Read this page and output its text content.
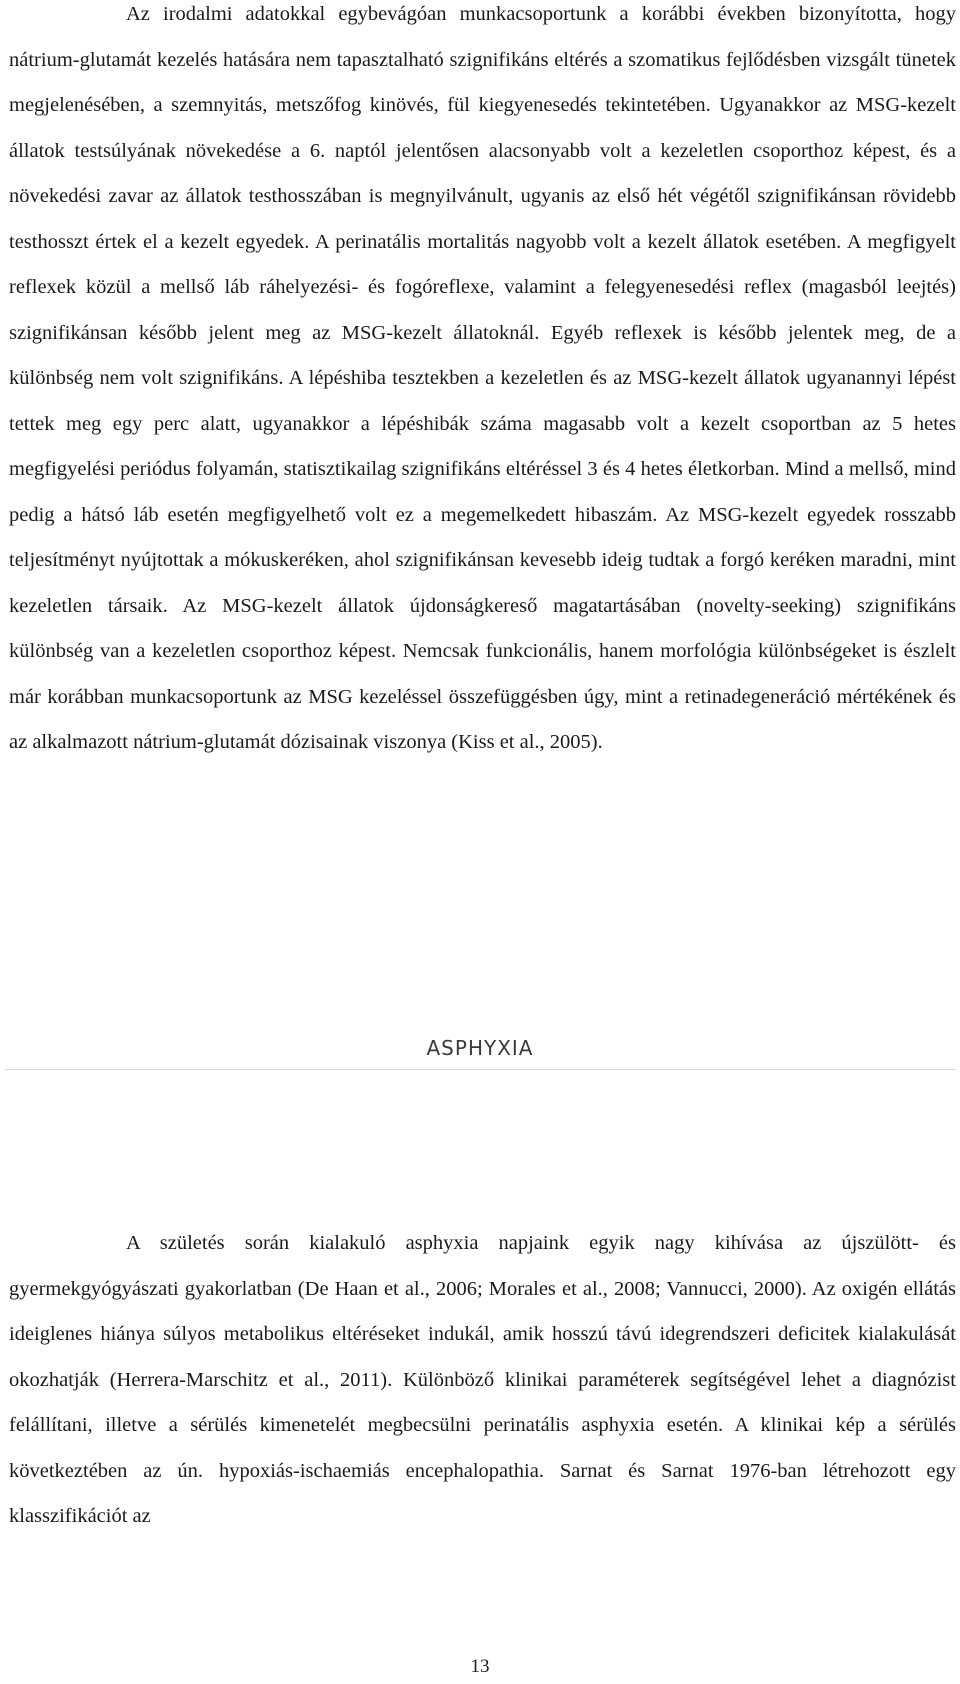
Az irodalmi adatokkal egybevágóan munkacsoportunk a korábbi években bizonyította, hogy nátrium-glutamát kezelés hatására nem tapasztalható szignifikáns eltérés a szomatikus fejlődésben vizsgált tünetek megjelenésében, a szemnyitás, metszőfog kinövés, fül kiegyenesedés tekintetében. Ugyanakkor az MSG-kezelt állatok testsúlyának növekedése a 6. naptól jelentősen alacsonyabb volt a kezeletlen csoporthoz képest, és a növekedési zavar az állatok testhosszában is megnyilvánult, ugyanis az első hét végétől szignifikánsan rövidebb testhosszt értek el a kezelt egyedek. A perinatális mortalitás nagyobb volt a kezelt állatok esetében. A megfigyelt reflexek közül a mellső láb ráhelyezési- és fogóreflexe, valamint a felegyenesedési reflex (magasból leejtés) szignifikánsan később jelent meg az MSG-kezelt állatoknál. Egyéb reflexek is később jelentek meg, de a különbség nem volt szignifikáns. A lépéshiba tesztekben a kezeletlen és az MSG-kezelt állatok ugyanannyi lépést tettek meg egy perc alatt, ugyanakkor a lépéshibák száma magasabb volt a kezelt csoportban az 5 hetes megfigyelési periódus folyamán, statisztikailag szignifikáns eltéréssel 3 és 4 hetes életkorban. Mind a mellső, mind pedig a hátsó láb esetén megfigyelhető volt ez a megemelkedett hibaszám. Az MSG-kezelt egyedek rosszabb teljesítményt nyújtottak a mókuskeréken, ahol szignifikánsan kevesebb ideig tudtak a forgó keréken maradni, mint kezeletlen társaik. Az MSG-kezelt állatok újdonságkereső magatartásában (novelty-seeking) szignifikáns különbség van a kezeletlen csoporthoz képest. Nemcsak funkcionális, hanem morfológia különbségeket is észlelt már korábban munkacsoportunk az MSG kezeléssel összefüggésben úgy, mint a retinadegeneráció mértékének és az alkalmazott nátrium-glutamát dózisainak viszonya (Kiss et al., 2005).

ASPHYXIA

A születés során kialakuló asphyxia napjaink egyik nagy kihívása az újszülött- és gyermekgyógyászati gyakorlatban (De Haan et al., 2006; Morales et al., 2008; Vannucci, 2000). Az oxigén ellátás ideiglenes hiánya súlyos metabolikus eltéréseket indukál, amik hosszú távú idegrendszeri deficitek kialakulását okozhatják (Herrera-Marschitz et al., 2011). Különböző klinikai paraméterek segítségével lehet a diagnózist felállítani, illetve a sérülés kimenetelét megbecsülni perinatális asphyxia esetén. A klinikai kép a sérülés következtében az ún. hypoxiás-ischaemiás encephalopathia. Sarnat és Sarnat 1976-ban létrehozott egy klasszifikációt az

13
